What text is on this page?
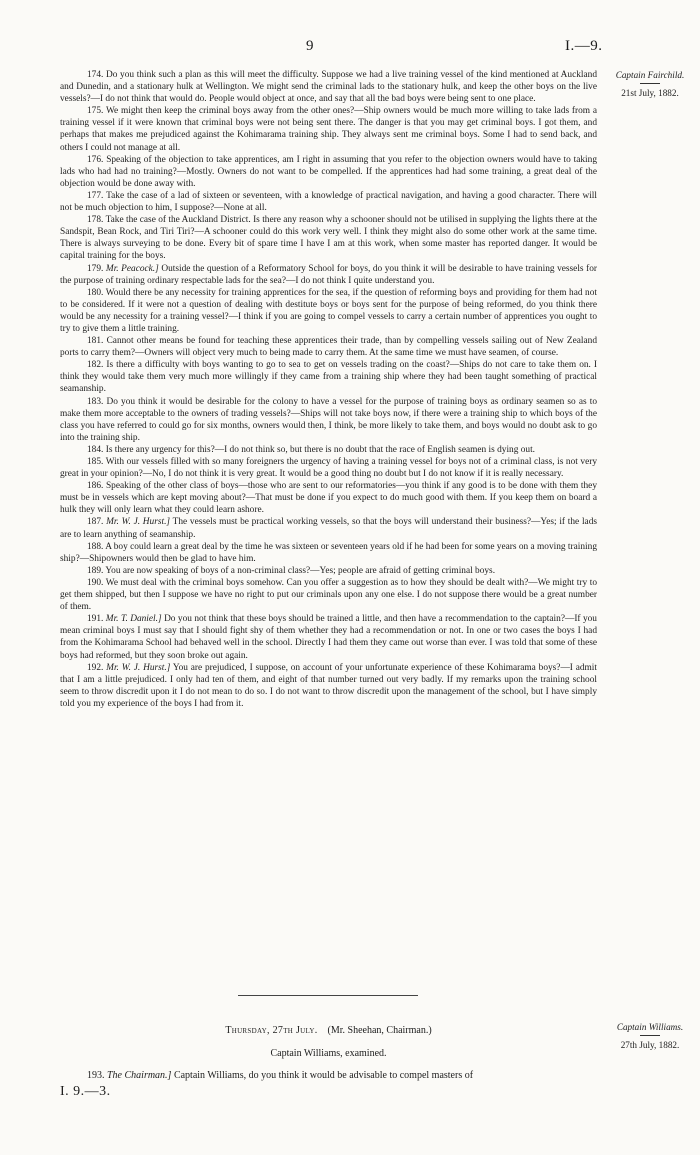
9	I.—9.
Captain Fairchild.
21st July, 1882.

174. Do you think such a plan as this will meet the difficulty. Suppose we had a live training vessel of the kind mentioned at Auckland and Dunedin, and a stationary hulk at Wellington. We might send the criminal lads to the stationary hulk, and keep the other boys on the live vessels?—I do not think that would do. People would object at once, and say that all the bad boys were being sent to one place.

175. We might then keep the criminal boys away from the other ones?—Ship owners would be much more willing to take lads from a training vessel if it were known that criminal boys were not being sent there. The danger is that you may get criminal boys. I got them, and perhaps that makes me prejudiced against the Kohimarama training ship. They always sent me criminal boys. Some I had to send back, and others I could not manage at all.

176. Speaking of the objection to take apprentices, am I right in assuming that you refer to the objection owners would have to taking lads who had had no training?—Mostly. Owners do not want to be compelled. If the apprentices had had some training, a great deal of the objection would be done away with.

177. Take the case of a lad of sixteen or seventeen, with a knowledge of practical navigation, and having a good character. There will not be much objection to him, I suppose?—None at all.

178. Take the case of the Auckland District. Is there any reason why a schooner should not be utilised in supplying the lights there at the Sandspit, Bean Rock, and Tiri Tiri?—A schooner could do this work very well. I think they might also do some other work at the same time. There is always surveying to be done. Every bit of spare time I have I am at this work, when some master has reported danger. It would be capital training for the boys.

179. Mr. Peacock.] Outside the question of a Reformatory School for boys, do you think it will be desirable to have training vessels for the purpose of training ordinary respectable lads for the sea?—I do not think I quite understand you.

180. Would there be any necessity for training apprentices for the sea, if the question of reforming boys and providing for them had not to be considered. If it were not a question of dealing with destitute boys or boys sent for the purpose of being reformed, do you think there would be any necessity for a training vessel?—I think if you are going to compel vessels to carry a certain number of apprentices you ought to try to give them a little training.

181. Cannot other means be found for teaching these apprentices their trade, than by compelling vessels sailing out of New Zealand ports to carry them?—Owners will object very much to being made to carry them. At the same time we must have seamen, of course.

182. Is there a difficulty with boys wanting to go to sea to get on vessels trading on the coast?—Ships do not care to take them on. I think they would take them very much more willingly if they came from a training ship where they had been taught something of practical seamanship.

183. Do you think it would be desirable for the colony to have a vessel for the purpose of training boys as ordinary seamen so as to make them more acceptable to the owners of trading vessels?—Ships will not take boys now, if there were a training ship to which boys of the class you have referred to could go for six months, owners would then, I think, be more likely to take them, and boys would no doubt ask to go into the training ship.

184. Is there any urgency for this?—I do not think so, but there is no doubt that the race of English seamen is dying out.

185. With our vessels filled with so many foreigners the urgency of having a training vessel for boys not of a criminal class, is not very great in your opinion?—No, I do not think it is very great. It would be a good thing no doubt but I do not know if it is really necessary.

186. Speaking of the other class of boys—those who are sent to our reformatories—you think if any good is to be done with them they must be in vessels which are kept moving about?—That must be done if you expect to do much good with them. If you keep them on board a hulk they will only learn what they could learn ashore.

187. Mr. W. J. Hurst.] The vessels must be practical working vessels, so that the boys will understand their business?—Yes; if the lads are to learn anything of seamanship.

188. A boy could learn a great deal by the time he was sixteen or seventeen years old if he had been for some years on a moving training ship?—Shipowners would then be glad to have him.

189. You are now speaking of boys of a non-criminal class?—Yes; people are afraid of getting criminal boys.

190. We must deal with the criminal boys somehow. Can you offer a suggestion as to how they should be dealt with?—We might try to get them shipped, but then I suppose we have no right to put our criminals upon any one else. I do not suppose there would be a great number of them.

191. Mr. T. Daniel.] Do you not think that these boys should be trained a little, and then have a recommendation to the captain?—If you mean criminal boys I must say that I should fight shy of them whether they had a recommendation or not. In one or two cases the boys I had from the Kohimarama School had behaved well in the school. Directly I had them they came out worse than ever. I was told that some of these boys had reformed, but they soon broke out again.

192. Mr. W. J. Hurst.] You are prejudiced, I suppose, on account of your unfortunate experience of these Kohimarama boys?—I admit that I am a little prejudiced. I only had ten of them, and eight of that number turned out very badly. If my remarks upon the training school seem to throw discredit upon it I do not mean to do so. I do not want to throw discredit upon the management of the school, but I have simply told you my experience of the boys I had from it.

Captain Williams.
27th July, 1882.
Thursday, 27th July. (Mr. Sheehan, Chairman.)
Captain Williams, examined.
193. The Chairman.] Captain Williams, do you think it would be advisable to compel masters of
I. 9.—3.
